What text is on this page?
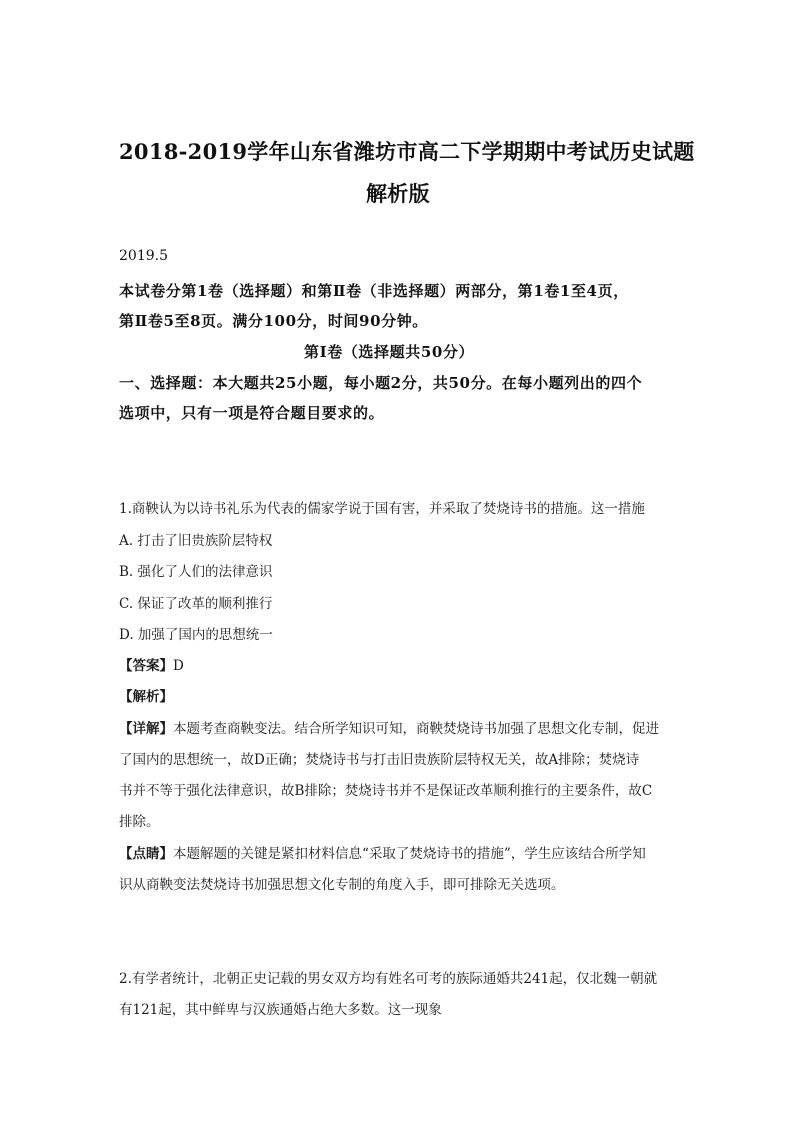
2018-2019学年山东省潍坊市高二下学期期中考试历史试题
解析版
2019.5
本试卷分第1卷（选择题）和第Ⅱ卷（非选择题）两部分，第1卷1至4页，
第Ⅱ卷5至8页。满分100分，时间90分钟。
第Ⅰ卷（选择题共50分）
一、选择题：本大题共25小题，每小题2分，共50分。在每小题列出的四个
选项中，只有一项是符合题目要求的。
1.商鞅认为以诗书礼乐为代表的儒家学说于国有害，并采取了焚烧诗书的措施。这一措施
A. 打击了旧贵族阶层特权
B. 强化了人们的法律意识
C. 保证了改革的顺利推行
D. 加强了国内的思想统一
【答案】D
【解析】
【详解】本题考查商鞅变法。结合所学知识可知，商鞅焚烧诗书加强了思想文化专制，促进
了国内的思想统一，故D正确；焚烧诗书与打击旧贵族阶层特权无关，故A排除；焚烧诗
书并不等于强化法律意识，故B排除；焚烧诗书并不是保证改革顺利推行的主要条件，故C
排除。
【点睛】本题解题的关键是紧扣材料信息“采取了焚烧诗书的措施”，学生应该结合所学知
识从商鞅变法焚烧诗书加强思想文化专制的角度入手，即可排除无关选项。
2.有学者统计，北朝正史记载的男女双方均有姓名可考的族际通婚共241起，仅北魏一朝就
有121起，其中鲜卑与汉族通婚占绝大多数。这一现象
